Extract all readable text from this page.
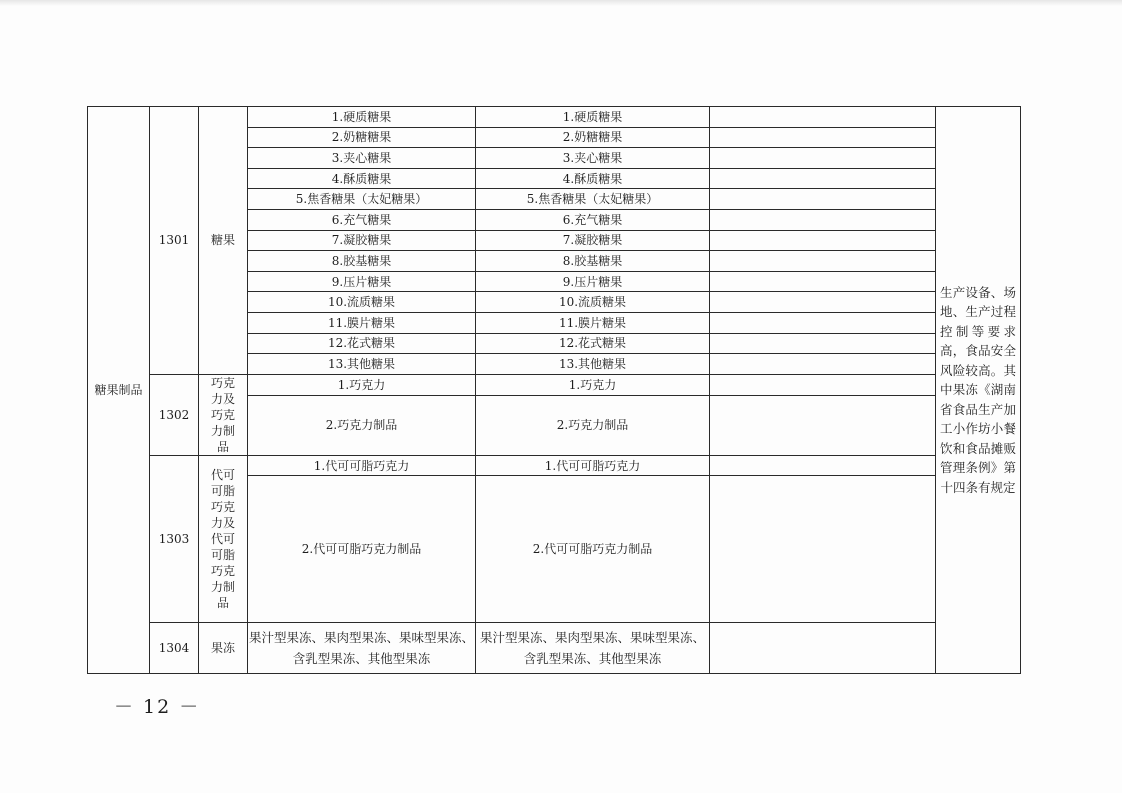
糖果制品	1301	糖果	1.硬质糖果	1.硬质糖果		生产设备、场地、生产过程控制等要求高，食品安全风险较高。其中果冻《湖南省食品生产加工小作坊小餐饮和食品摊贩管理条例》第十四条有规定
			2.奶糖糖果	2.奶糖糖果		
			3.夹心糖果	3.夹心糖果		
			4.酥质糖果	4.酥质糖果		
			5.焦香糖果（太妃糖果）	5.焦香糖果（太妃糖果）		
			6.充气糖果	6.充气糖果		
			7.凝胶糖果	7.凝胶糖果		
			8.胶基糖果	8.胶基糖果		
			9.压片糖果	9.压片糖果		
			10.流质糖果	10.流质糖果		
			11.膜片糖果	11.膜片糖果		
			12.花式糖果	12.花式糖果		
			13.其他糖果	13.其他糖果		
	1302	巧克力及巧克力制品	1.巧克力	1.巧克力		
			2.巧克力制品	2.巧克力制品		
	1303	代可可脂巧克力及代可可脂巧克力制品	1.代可可脂巧克力	1.代可可脂巧克力		
			2.代可可脂巧克力制品	2.代可可脂巧克力制品		
	1304	果冻	果汁型果冻、果肉型果冻、果味型果冻、含乳型果冻、其他型果冻	果汁型果冻、果肉型果冻、果味型果冻、含乳型果冻、其他型果冻		

－ 12 －
